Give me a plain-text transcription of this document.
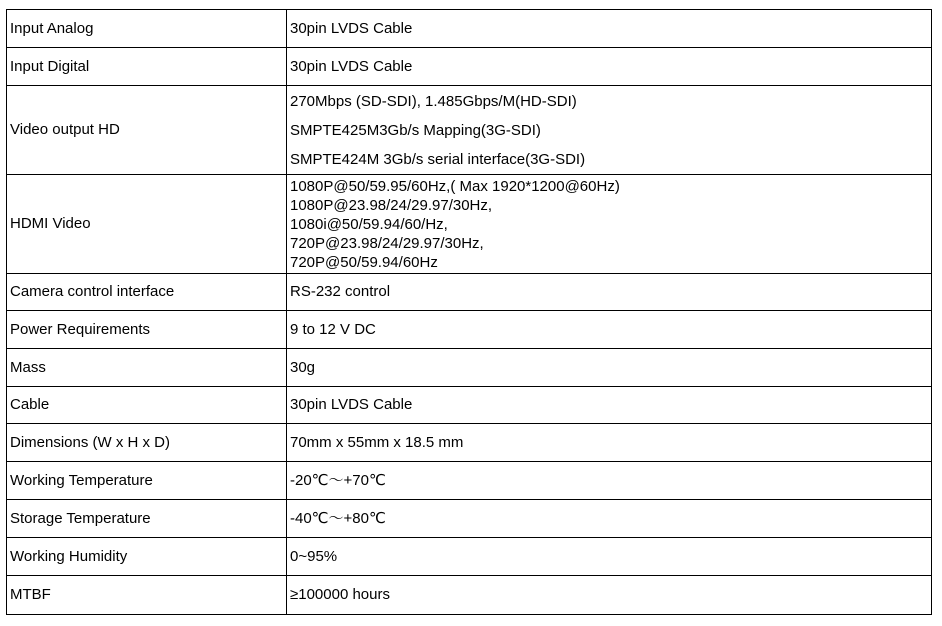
Input Analog	30pin LVDS Cable
Input Digital	30pin LVDS Cable
Video output HD	270Mbps (SD-SDI), 1.485Gbps/M(HD-SDI)
SMPTE425M3Gb/s Mapping(3G-SDI)
SMPTE424M 3Gb/s serial interface(3G-SDI)

HDMI Video	1080P@50/59.95/60Hz,( Max 1920*1200@60Hz)
1080P@23.98/24/29.97/30Hz,
1080i@50/59.94/60/Hz,
720P@23.98/24/29.97/30Hz,
720P@50/59.94/60Hz

Camera control interface	RS-232 control
Power Requirements	9 to 12 V DC
Mass	30g
Cable	30pin LVDS Cable
Dimensions (W x H x D)	70mm x 55mm x 18.5 mm
Working Temperature	-20℃～+70℃
Storage Temperature	-40℃～+80℃
Working Humidity	0~95%
MTBF	≥100000 hours
